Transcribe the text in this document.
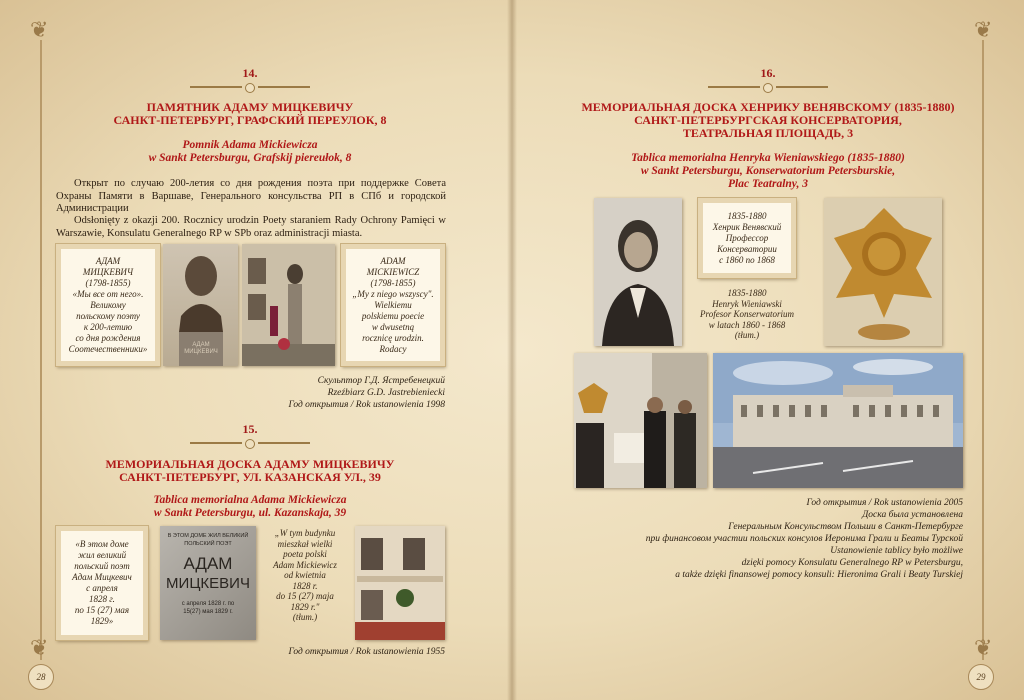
❦
❦
14.
ПАМЯТНИК АДАМУ МИЦКЕВИЧУ
САНКТ-ПЕТЕРБУРГ, ГРАФСКИЙ ПЕРЕУЛОК, 8
Pomnik Adama Mickiewicza
w Sankt Petersburgu, Grafskij piereułok, 8
Открыт по случаю 200-летия со дня рождения поэта при поддержке Совета Охраны Памяти в Варшаве, Генерального консульства РП в СПб и городской Администрации
Odsłonięty z okazji 200. Rocznicy urodzin Poety staraniem Rady Ochrony Pamięci w Warszawie, Konsulatu Generalnego RP w SPb oraz administracji miasta.
АДАМ
МИЦКЕВИЧ
(1798-1855)
«Мы все от него».
Великому
польскому поэту
к 200-летию
со дня рождения
Соотечественники»	АДАМ
МИЦКЕВИЧ
ADAM
MICKIEWICZ
(1798-1855)
„My z niego wszyscy".
Wielkiemu
polskiemu poecie
w dwusetną
rocznicę urodzin.
Rodacy
Скульптор Г.Д. Ястребенецкий
Rzeźbiarz G.D. Jastrebieniecki
Год открытия / Rok ustanowienia 1998
15.
МЕМОРИАЛЬНАЯ ДОСКА АДАМУ МИЦКЕВИЧУ
САНКТ-ПЕТЕРБУРГ, УЛ. КАЗАНСКАЯ УЛ., 39
Tablica memorialna Adama Mickiewicza
w Sankt Petersburgu, ul. Kazanskaja, 39
«В этом доме
жил великий
польский поэт
Адам Мицкевич
с апреля
1828 г.
по 15 (27) мая
1829»
В ЭТОМ ДОМЕ ЖИЛ ВЕЛИКИЙ
ПОЛЬСКИЙ ПОЭТ
АДАМ
МИЦКЕВИЧ
с апреля 1828 г. по
15(27) мая 1829 г.
„W tym budynku
mieszkał wielki
poeta polski
Adam Mickiewicz
od kwietnia
1828 r.
do 15 (27) maja
1829 r."
(tłum.)
Год открытия / Rok ustanowienia 1955
28
❦
❦
16.
МЕМОРИАЛЬНАЯ ДОСКА ХЕНРИКУ ВЕНЯВСКОМУ (1835-1880)
САНКТ-ПЕТЕРБУРГСКАЯ КОНСЕРВАТОРИЯ,
ТЕАТРАЛЬНАЯ ПЛОЩАДЬ, 3
Tablica memorialna Henryka Wieniawskiego (1835-1880)
w Sankt Petersburgu, Konserwatorium Petersburskie,
Plac Teatralny, 3
1835-1880
Хенрик Венявский
Профессор
Консерватории
с 1860 по 1868
1835-1880
Henryk Wieniawski
Profesor Konserwatorium
w latach 1860 - 1868
(tłum.)
Год открытия / Rok ustanowienia 2005
Доска была установлена
Генеральным Консульством Польши в Санкт-Петербурге
при финансовом участии польских консулов Иеронима Грали и Беаты Турской
Ustanowienie tablicy było możliwe
dzięki pomocy Konsulatu Generalnego RP w Petersburgu,
a także dzięki finansowej pomocy konsuli: Hieronima Grali i Beaty Turskiej
29
